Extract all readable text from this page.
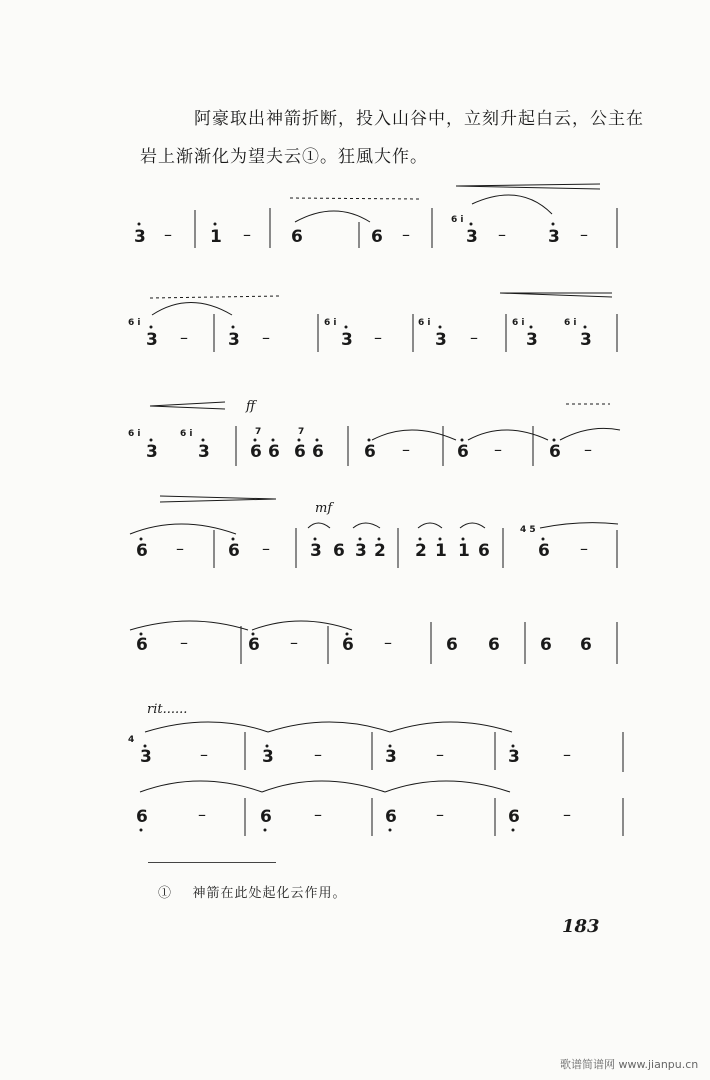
阿豪取出神箭折断，投入山谷中，立刻升起白云，公主在
岩上渐渐化为望夫云①。狂風大作。
3 – 1 – 6	6 –
6 i
3 – 3 –
6 i
3 – 3 –
6 i
3 –
6 i
3 –
6 i
3
6 i
3
ff
6 i
3
6 i
3
7
6 6
7
6 6 6 –	6 –	6 –
mf
6 –	6 – 3 6 3 2 2 1 1 6
4 5
6 –
6 –	6 –	6 –	6 6 6 6
rit......
4
3	–	3	–	3 –	3	–
6	–	6	–	6 –	6	–
① 神箭在此处起化云作用。
183
歌谱简谱网 www.jianpu.cn
